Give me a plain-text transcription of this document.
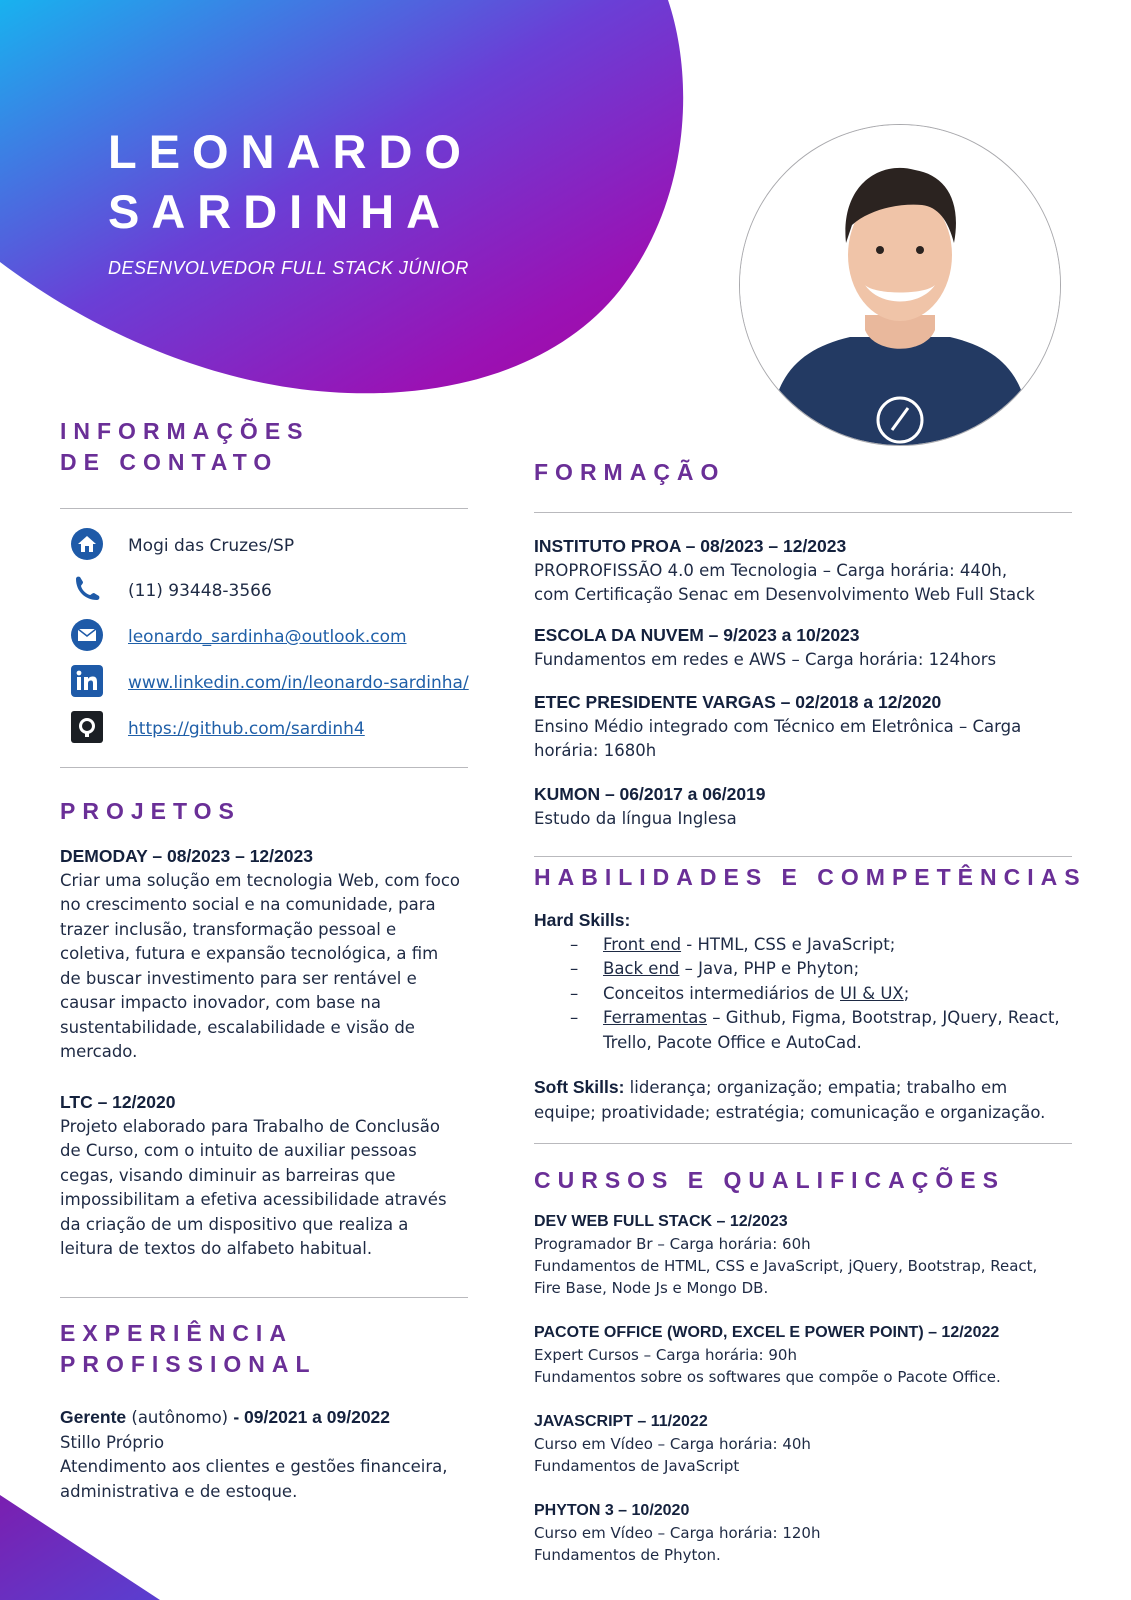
LEONARDO
SARDINHA
DESENVOLVEDOR FULL STACK JÚNIOR
INFORMAÇÕES
DE CONTATO
Mogi das Cruzes/SP
(11) 93448-3566
leonardo_sardinha@outlook.com
www.linkedin.com/in/leonardo-sardinha/
https://github.com/sardinh4
PROJETOS

DEMODAY – 08/2023 – 12/2023

Criar uma solução em tecnologia Web, com foco

no crescimento social e na comunidade, para

trazer inclusão, transformação pessoal e

coletiva, futura e expansão tecnológica, a fim

de buscar investimento para ser rentável e

causar impacto inovador, com base na

sustentabilidade, escalabilidade e visão de

mercado.

LTC – 12/2020

Projeto elaborado para Trabalho de Conclusão

de Curso, com o intuito de auxiliar pessoas

cegas, visando diminuir as barreiras que

impossibilitam a efetiva acessibilidade através

da criação de um dispositivo que realiza a

leitura de textos do alfabeto habitual.

EXPERIÊNCIA
PROFISSIONAL

Gerente (autônomo) - 09/2021 a 09/2022

Stillo Próprio

Atendimento aos clientes e gestões financeira,

administrativa e de estoque.

FORMAÇÃO

INSTITUTO PROA – 08/2023 – 12/2023

PROPROFISSÃO 4.0 em Tecnologia – Carga horária: 440h,

com Certificação Senac em Desenvolvimento Web Full Stack

ESCOLA DA NUVEM – 9/2023 a 10/2023

Fundamentos em redes e AWS – Carga horária: 124hors

ETEC PRESIDENTE VARGAS – 02/2018 a 12/2020

Ensino Médio integrado com Técnico em Eletrônica – Carga

horária: 1680h

KUMON – 06/2017 a 06/2019

Estudo da língua Inglesa

HABILIDADES E COMPETÊNCIAS

Hard Skills:

– Front end - HTML, CSS e JavaScript;
– Back end – Java, PHP e Phyton;
– Conceitos intermediários de UI & UX;
– Ferramentas – Github, Figma, Bootstrap, JQuery, React,
Trello, Pacote Office e AutoCad.

Soft Skills: liderança; organização; empatia; trabalho em

equipe; proatividade; estratégia; comunicação e organização.

CURSOS E QUALIFICAÇÕES

DEV WEB FULL STACK – 12/2023

Programador Br – Carga horária: 60h

Fundamentos de HTML, CSS e JavaScript, jQuery, Bootstrap, React,

Fire Base, Node Js e Mongo DB.

PACOTE OFFICE (WORD, EXCEL E POWER POINT) – 12/2022

Expert Cursos – Carga horária: 90h

Fundamentos sobre os softwares que compõe o Pacote Office.

JAVASCRIPT – 11/2022

Curso em Vídeo – Carga horária: 40h

Fundamentos de JavaScript

PHYTON 3 – 10/2020

Curso em Vídeo – Carga horária: 120h

Fundamentos de Phyton.
